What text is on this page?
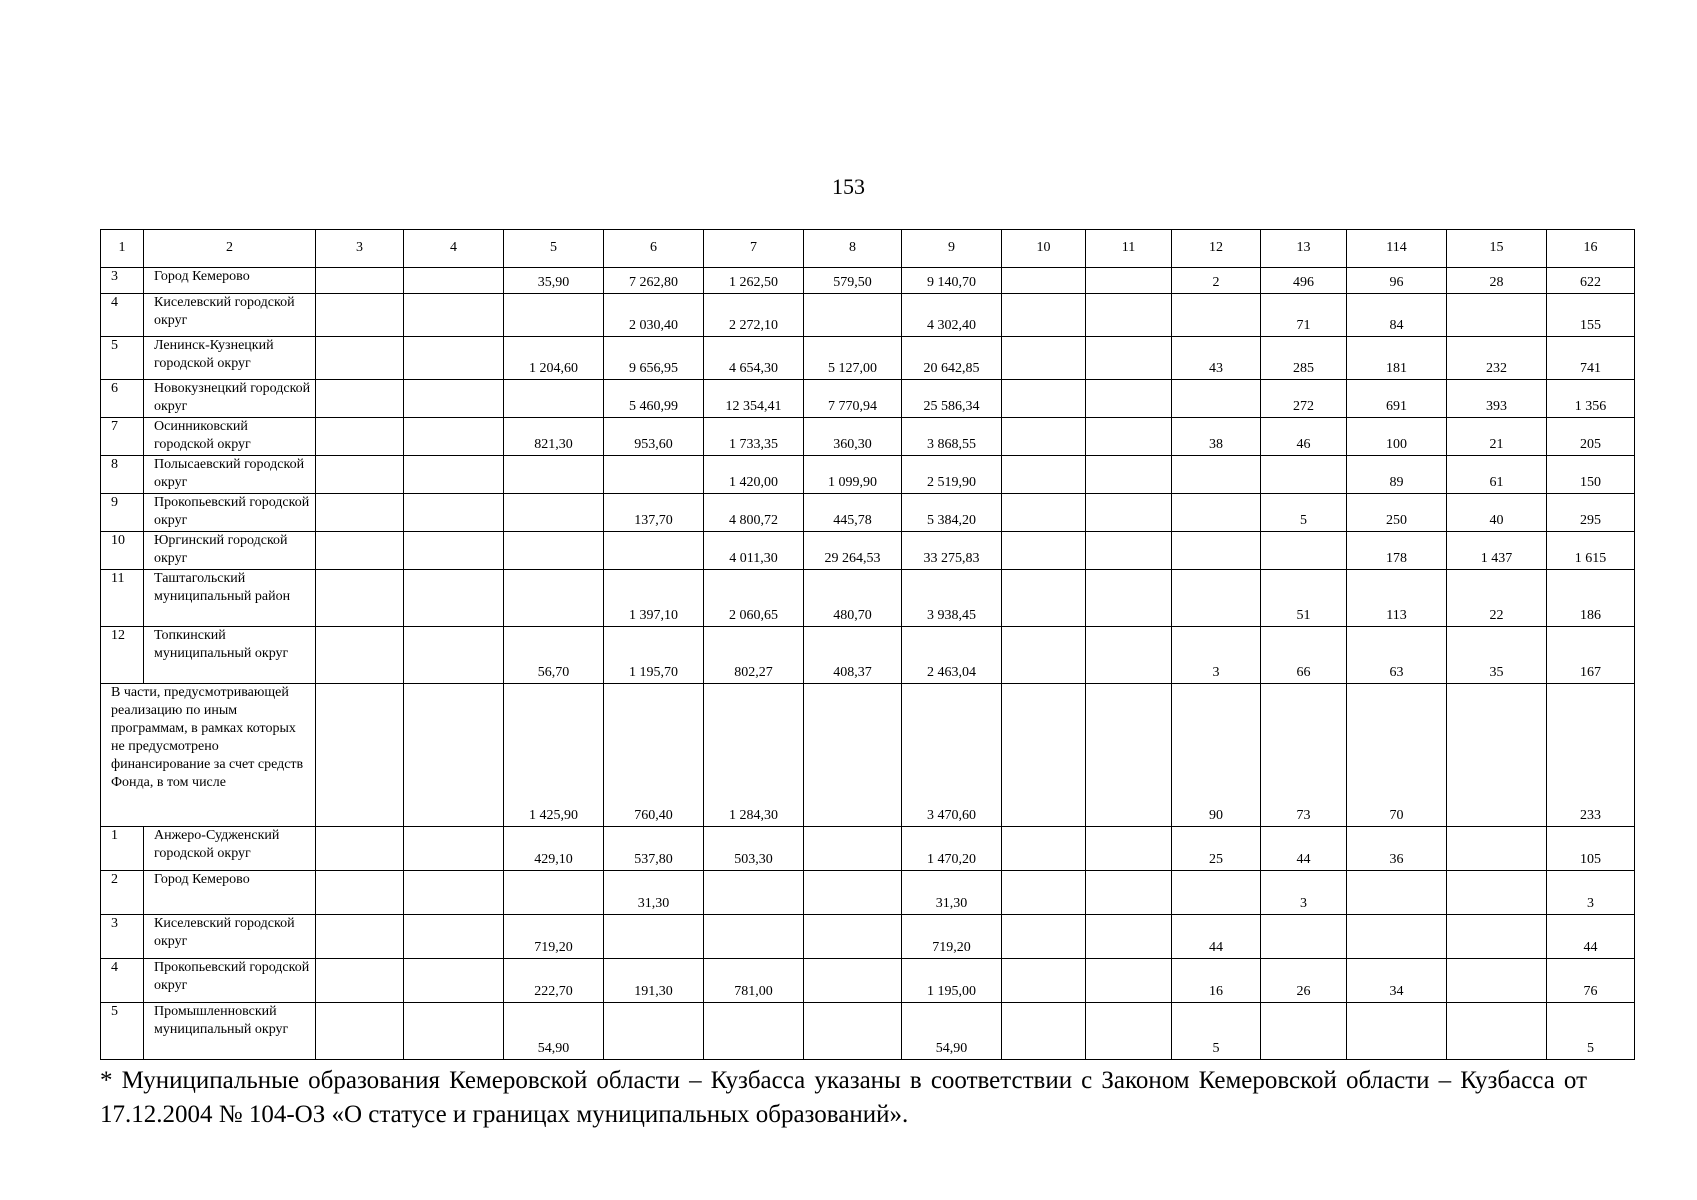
153
1	2	3	4	5	6	7	8	9	10	11	12	13	114	15	16
3	Город Кемерово			35,90	7 262,80	1 262,50	579,50	9 140,70			2	496	96	28	622
4	Киселевский городской округ				2 030,40	2 272,10		4 302,40				71	84		155
5	Ленинск-Кузнецкий городской округ			1 204,60	9 656,95	4 654,30	5 127,00	20 642,85			43	285	181	232	741
6	Новокузнецкий городской округ				5 460,99	12 354,41	7 770,94	25 586,34				272	691	393	1 356
7	Осинниковский городской округ			821,30	953,60	1 733,35	360,30	3 868,55			38	46	100	21	205
8	Полысаевский городской округ					1 420,00	1 099,90	2 519,90					89	61	150
9	Прокопьевский городской округ				137,70	4 800,72	445,78	5 384,20				5	250	40	295
10	Юргинский городской округ					4 011,30	29 264,53	33 275,83					178	1 437	1 615
11	Таштагольский муниципальный район				1 397,10	2 060,65	480,70	3 938,45				51	113	22	186
12	Топкинский муниципальный округ			56,70	1 195,70	802,27	408,37	2 463,04			3	66	63	35	167
В части, предусмотривающей реализацию по иным программам, в рамках которых не предусмотрено финансирование за счет средств Фонда, в том числе				1 425,90	760,40	1 284,30		3 470,60			90	73	70		233
1	Анжеро-Судженский городской округ			429,10	537,80	503,30		1 470,20			25	44	36		105
2	Город Кемерово				31,30			31,30				3			3
3	Киселевский городской округ			719,20				719,20			44				44
4	Прокопьевский городской округ			222,70	191,30	781,00		1 195,00			16	26	34		76
5	Промышленновский муниципальный округ			54,90				54,90			5				5
* Муниципальные образования Кемеровской области – Кузбасса указаны в соответствии с Законом Кемеровской области – Кузбасса от 17.12.2004 № 104-ОЗ «О статусе и границах муниципальных образований».
